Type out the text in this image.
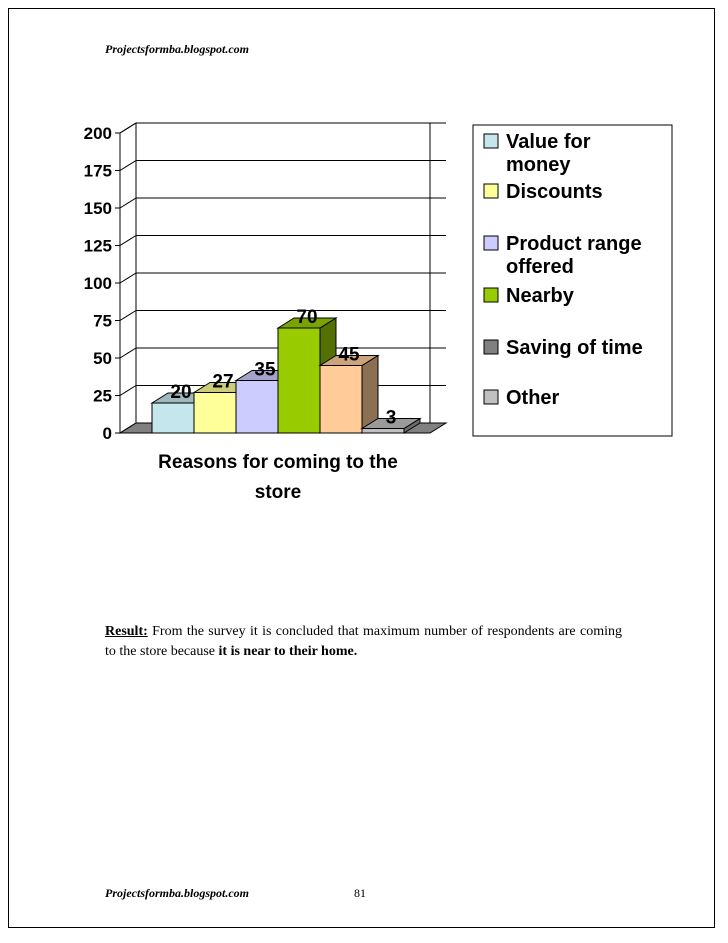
Projectsformba.blogspot.com
0
25
50
75
100
125
150
175
200
20 27
35
70
45
3
Reasons for coming to the
store
Value for money
Discounts
Product range offered
Nearby
Saving of time
Other
Result: From the survey it is concluded that maximum number of respondents are coming to the store because it is near to their home.
Projectsformba.blogspot.com	81
